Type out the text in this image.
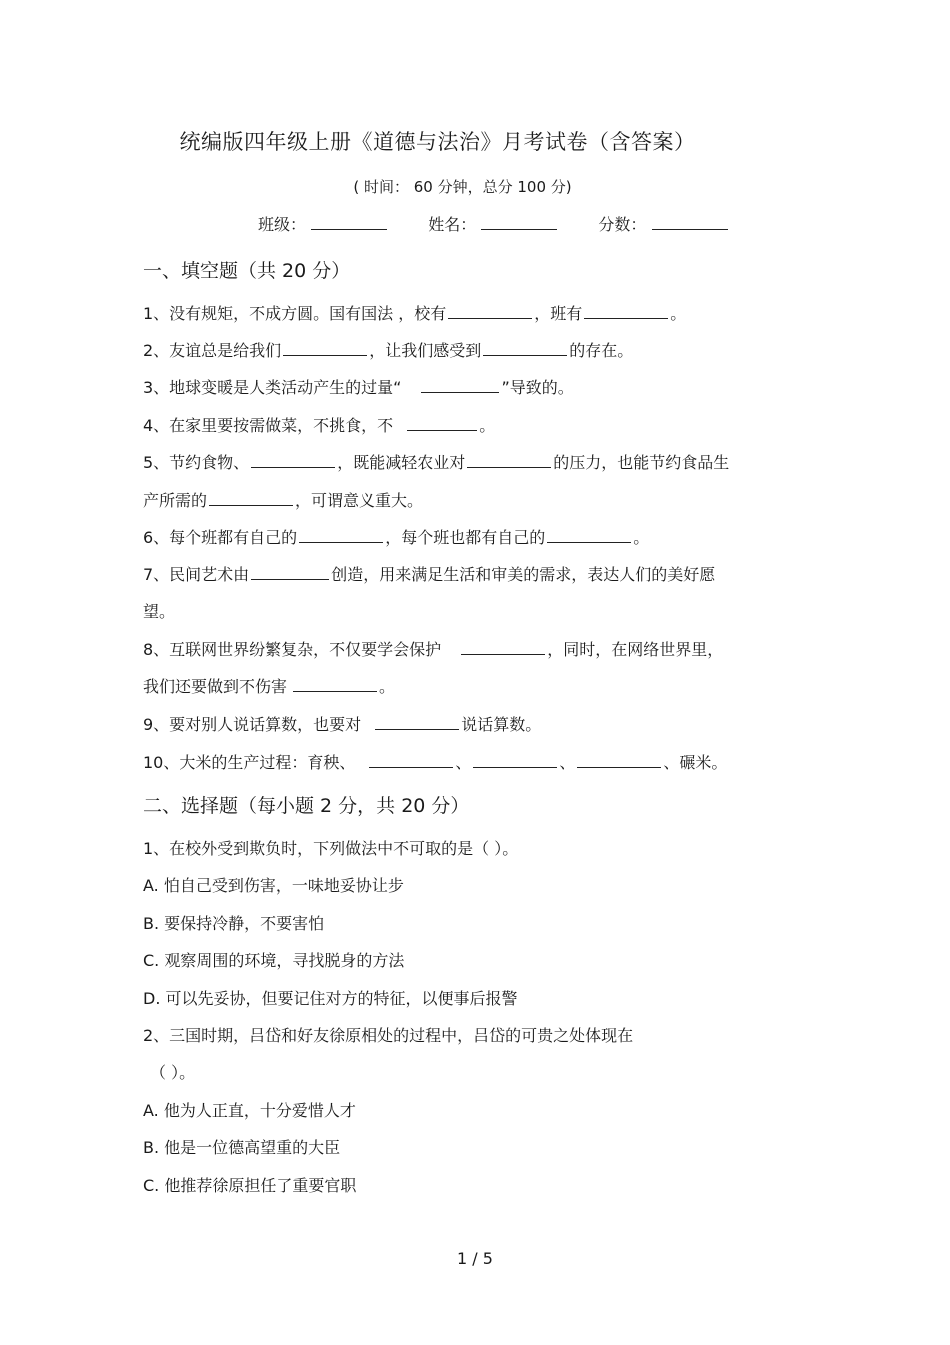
统编版四年级上册《道德与法治》月考试卷（含答案）
( 时间： 60 分钟，总分 100 分)
班级：	姓名：	分数：
一、填空题（共 20 分）
1、没有规矩，不成方圆。国有国法 ，校有	，班有	。
2、友谊总是给我们	，让我们感受到	的存在。
3、地球变暖是人类活动产生的过量“	”导致的。
4、在家里要按需做菜，不挑食，不	。
5、节约食物、	，既能减轻农业对	的压力，也能节约食品生
产所需的	，可谓意义重大。
6、每个班都有自己的	，每个班也都有自己的	。
7、民间艺术由	创造，用来满足生活和审美的需求，表达人们的美好愿
望。
8、互联网世界纷繁复杂，不仅要学会保护	，同时，在网络世界里，
我们还要做到不伤害	。
9、要对别人说话算数，也要对	说话算数。
10、大米的生产过程：育秧、	、	、	、碾米。
二、选择题（每小题 2 分，共 20 分）
1、在校外受到欺负时，下列做法中不可取的是（ ）。
A. 怕自己受到伤害，一味地妥协让步
B. 要保持冷静，不要害怕
C. 观察周围的环境，寻找脱身的方法
D. 可以先妥协，但要记住对方的特征，以便事后报警
2、三国时期，吕岱和好友徐原相处的过程中，吕岱的可贵之处体现在
（ ）。
A. 他为人正直，十分爱惜人才
B. 他是一位德高望重的大臣
C. 他推荐徐原担任了重要官职
1 / 5
